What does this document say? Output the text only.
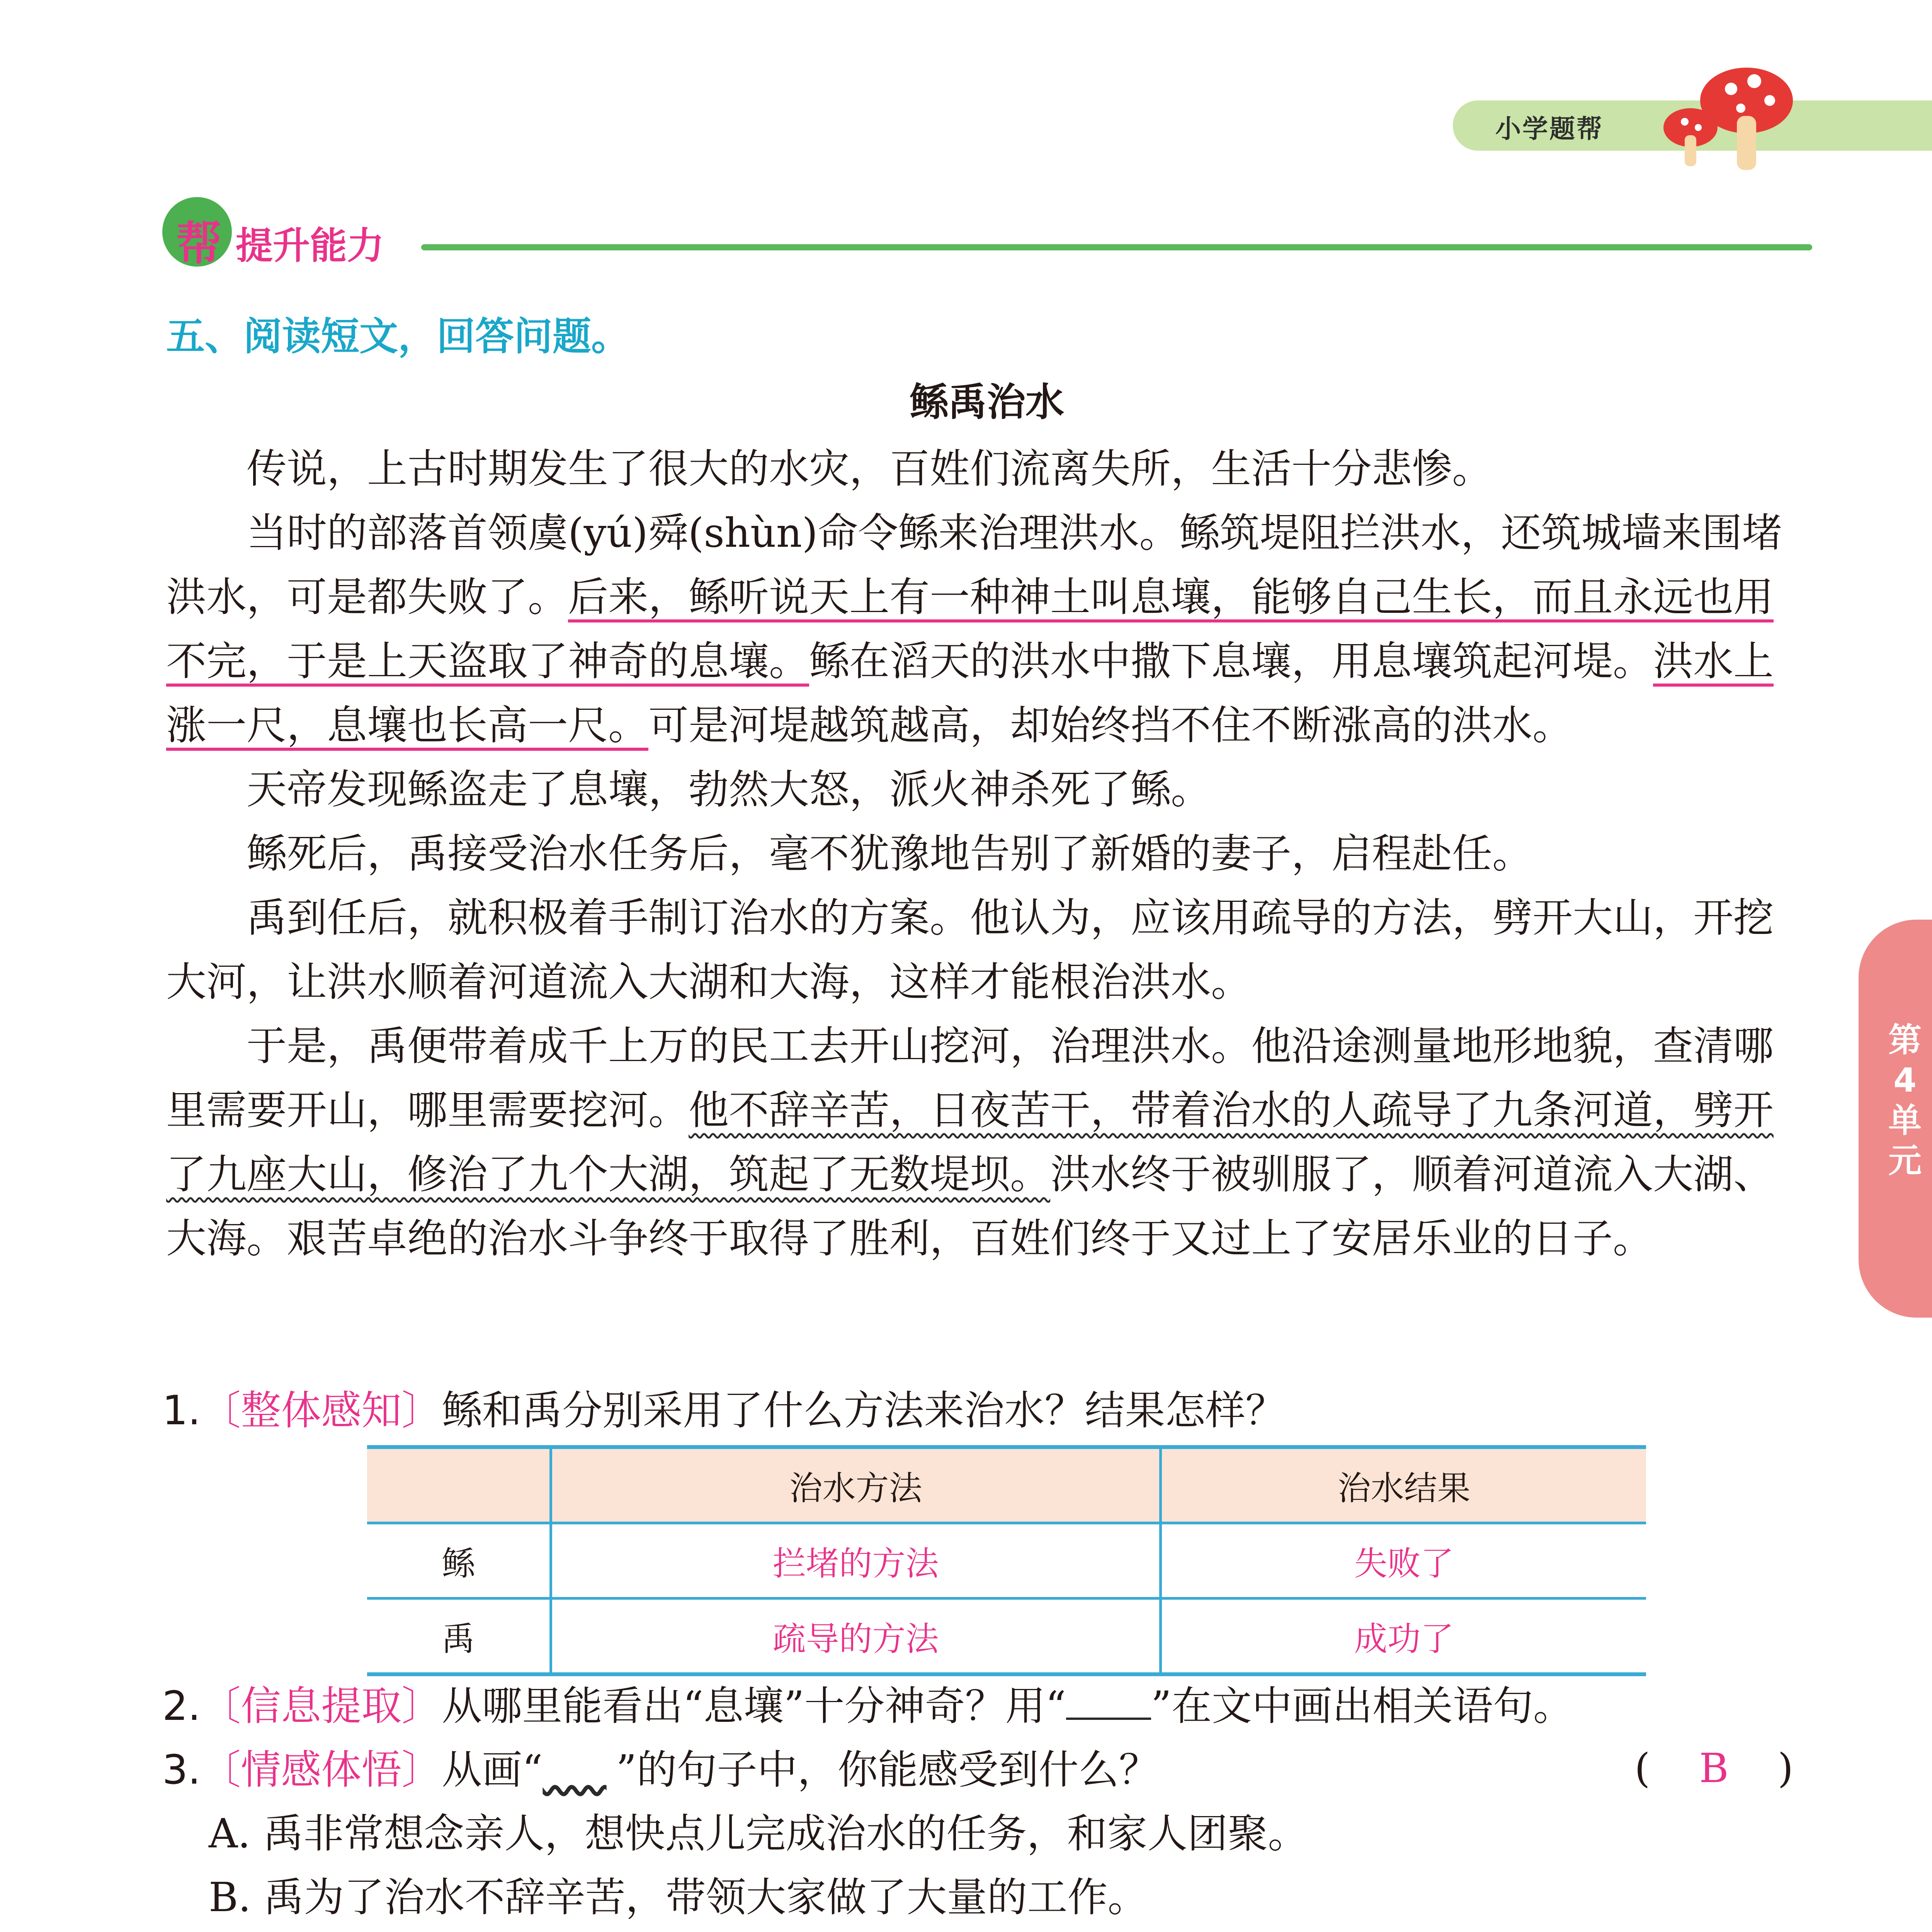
小学题帮
帮 提升能力
五、阅读短文，回答问题。
鲧禹治水

传说，上古时期发生了很大的水灾，百姓们流离失所，生活十分悲惨。

当时的部落首领虞(yú)舜(shùn)命令鲧来治理洪水。鲧筑堤阻拦洪水，还筑城墙来围堵洪水，可是都失败了。后来，鲧听说天上有一种神土叫息壤，能够自己生长，而且永远也用不完，于是上天盗取了神奇的息壤。鲧在滔天的洪水中撒下息壤，用息壤筑起河堤。洪水上涨一尺，息壤也长高一尺。可是河堤越筑越高，却始终挡不住不断涨高的洪水。

天帝发现鲧盗走了息壤，勃然大怒，派火神杀死了鲧。

鲧死后，禹接受治水任务后，毫不犹豫地告别了新婚的妻子，启程赴任。

禹到任后，就积极着手制订治水的方案。他认为，应该用疏导的方法，劈开大山，开挖大河，让洪水顺着河道流入大湖和大海，这样才能根治洪水。

于是，禹便带着成千上万的民工去开山挖河，治理洪水。他沿途测量地形地貌，查清哪里需要开山，哪里需要挖河。他不辞辛苦，日夜苦干，带着治水的人疏导了九条河道，劈开了九座大山，修治了九个大湖，筑起了无数堤坝。洪水终于被驯服了，顺着河道流入大湖、大海。艰苦卓绝的治水斗争终于取得了胜利，百姓们终于又过上了安居乐业的日子。

第
4
单
元
1.〔整体感知〕鲧和禹分别采用了什么方法来治水？结果怎样？
	治水方法	治水结果
鲧	拦堵的方法	失败了
禹	疏导的方法	成功了
2.〔信息提取〕从哪里能看出“息壤”十分神奇？用“ ”在文中画出相关语句。
3.〔情感体悟〕从画“​     ”的句子中，你能感受到什么？	( B )
A. 禹非常想念亲人，想快点儿完成治水的任务，和家人团聚。
B. 禹为了治水不辞辛苦，带领大家做了大量的工作。
